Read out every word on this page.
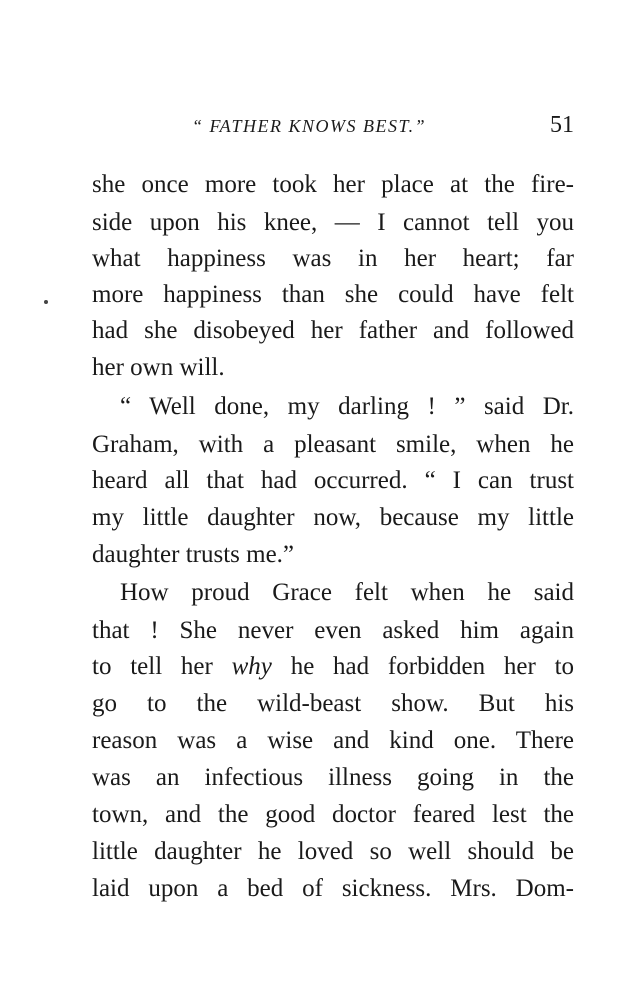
“ FATHER KNOWS BEST.”	51
she once more took her place at the fire-
side upon his knee, — I cannot tell you
what happiness was in her heart; far
more happiness than she could have felt
had she disobeyed her father and followed
her own will.
“ Well done, my darling ! ” said Dr.
Graham, with a pleasant smile, when he
heard all that had occurred. “ I can trust
my little daughter now, because my little
daughter trusts me.”
How proud Grace felt when he said
that ! She never even asked him again
to tell her why he had forbidden her to
go to the wild-beast show. But his
reason was a wise and kind one. There
was an infectious illness going in the
town, and the good doctor feared lest the
little daughter he loved so well should be
laid upon a bed of sickness. Mrs. Dom-
